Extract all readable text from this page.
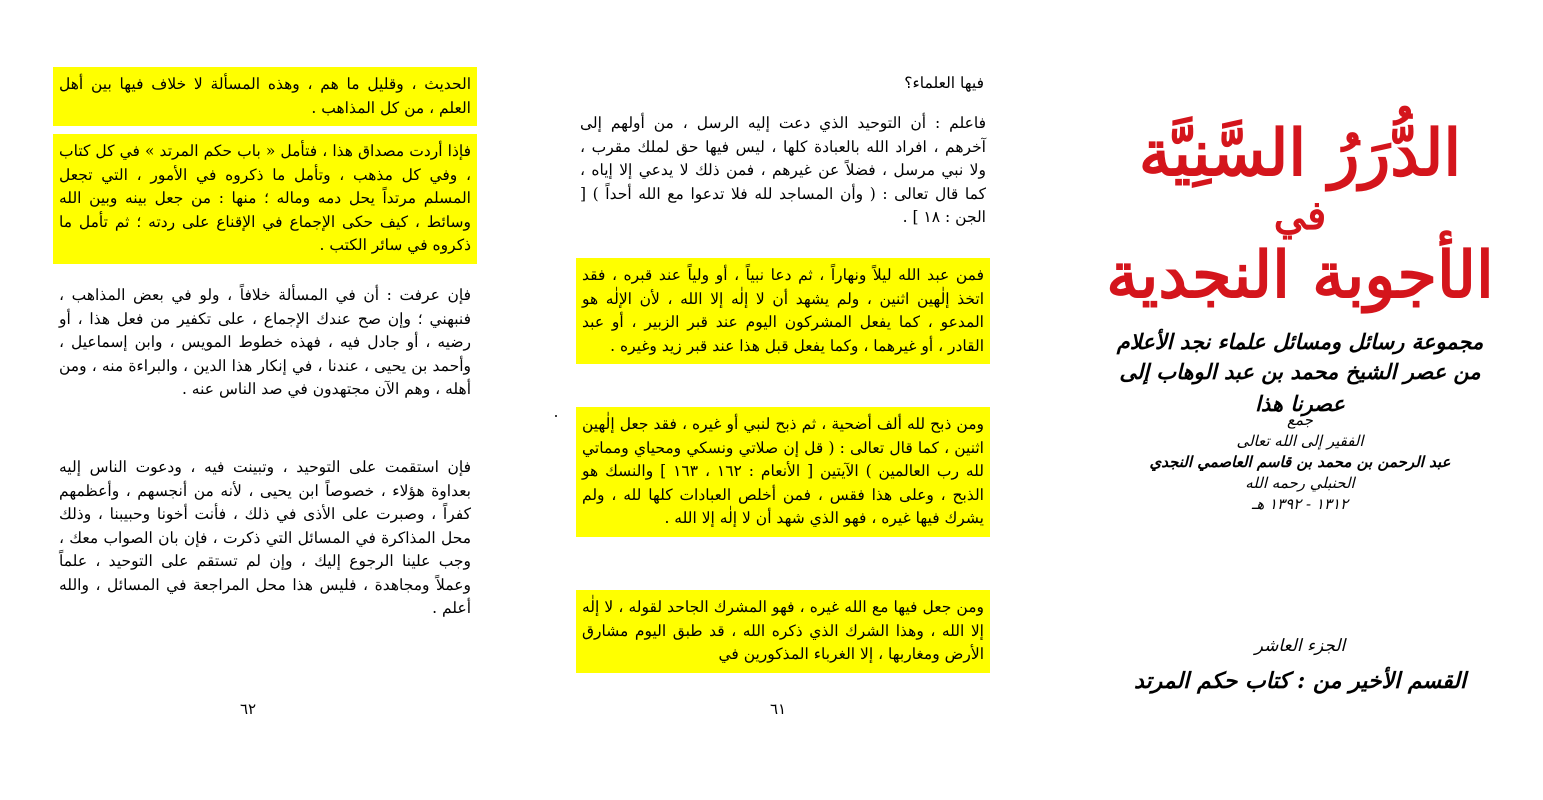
الحديث ، وقليل ما هم ، وهذه المسألة لا خلاف فيها بين أهل العلم ، من كل المذاهب .

فإذا أردت مصداق هذا ، فتأمل « باب حكم المرتد » في كل كتاب ، وفي كل مذهب ، وتأمل ما ذكروه في الأمور ، التي تجعل المسلم مرتداً يحل دمه وماله ؛ منها : من جعل بينه وبين الله وسائط ، كيف حكى الإجماع في الإقناع على ردته ؛ ثم تأمل ما ذكروه في سائر الكتب .

فإن عرفت : أن في المسألة خلافاً ، ولو في بعض المذاهب ، فنبهني ؛ وإن صح عندك الإجماع ، على تكفير من فعل هذا ، أو رضيه ، أو جادل فيه ، فهذه خطوط المويس ، وابن إسماعيل ، وأحمد بن يحيى ، عندنا ، في إنكار هذا الدين ، والبراءة منه ، ومن أهله ، وهم الآن مجتهدون في صد الناس عنه .

فإن استقمت على التوحيد ، وتبينت فيه ، ودعوت الناس إليه بعداوة هؤلاء ، خصوصاً ابن يحيى ، لأنه من أنجسهم ، وأعظمهم كفراً ، وصبرت على الأذى في ذلك ، فأنت أخونا وحبيبنا ، وذلك محل المذاكرة في المسائل التي ذكرت ، فإن بان الصواب معك ، وجب علينا الرجوع إليك ، وإن لم تستقم على التوحيد ، علماً وعملاً ومجاهدة ، فليس هذا محل المراجعة في المسائل ، والله أعلم .

٦٢

فيها العلماء؟

فاعلم : أن التوحيد الذي دعت إليه الرسل ، من أولهم إلى آخرهم ، افراد الله بالعبادة كلها ، ليس فيها حق لملك مقرب ، ولا نبي مرسل ، فضلاً عن غيرهم ، فمن ذلك لا يدعي إلا إياه ، كما قال تعالى : ( وأن المساجد لله فلا تدعوا مع الله أحداً ) [ الجن : ١٨ ] .

فمن عبد الله ليلاً ونهاراً ، ثم دعا نبياً ، أو ولياً عند قبره ، فقد اتخذ إلٰهين اثنين ، ولم يشهد أن لا إلٰه إلا الله ، لأن الإلٰه هو المدعو ، كما يفعل المشركون اليوم عند قبر الزبير ، أو عبد القادر ، أو غيرهما ، وكما يفعل قبل هذا عند قبر زيد وغيره .

ومن ذبح لله ألف أضحية ، ثم ذبح لنبي أو غيره ، فقد جعل إلٰهين اثنين ، كما قال تعالى : ( قل إن صلاتي ونسكي ومحياي ومماتي لله رب العالمين ) الآيتين [ الأنعام : ١٦٢ ، ١٦٣ ] والنسك هو الذبح ، وعلى هذا فقس ، فمن أخلص العبادات كلها لله ، ولم يشرك فيها غيره ، فهو الذي شهد أن لا إلٰه إلا الله .

ومن جعل فيها مع الله غيره ، فهو المشرك الجاحد لقوله ، لا إلٰه إلا الله ، وهذا الشرك الذي ذكره الله ، قد طبق اليوم مشارق الأرض ومغاربها ، إلا الغرباء المذكورين في

٦١
الدُّرَرُ السَّنِيَّة
في
الأجوبة النجدية
مجموعة رسائل ومسائل علماء نجد الأعلام
من عصر الشيخ محمد بن عبد الوهاب إلى عصرنا هذا
جمع
الفقير إلى الله تعالى
عبد الرحمن بن محمد بن قاسم العاصمي النجدي
الحنبلي رحمه الله
١٣١٢ - ١٣٩٢ هـ
الجزء العاشر
القسم الأخير من : كتاب حكم المرتد
